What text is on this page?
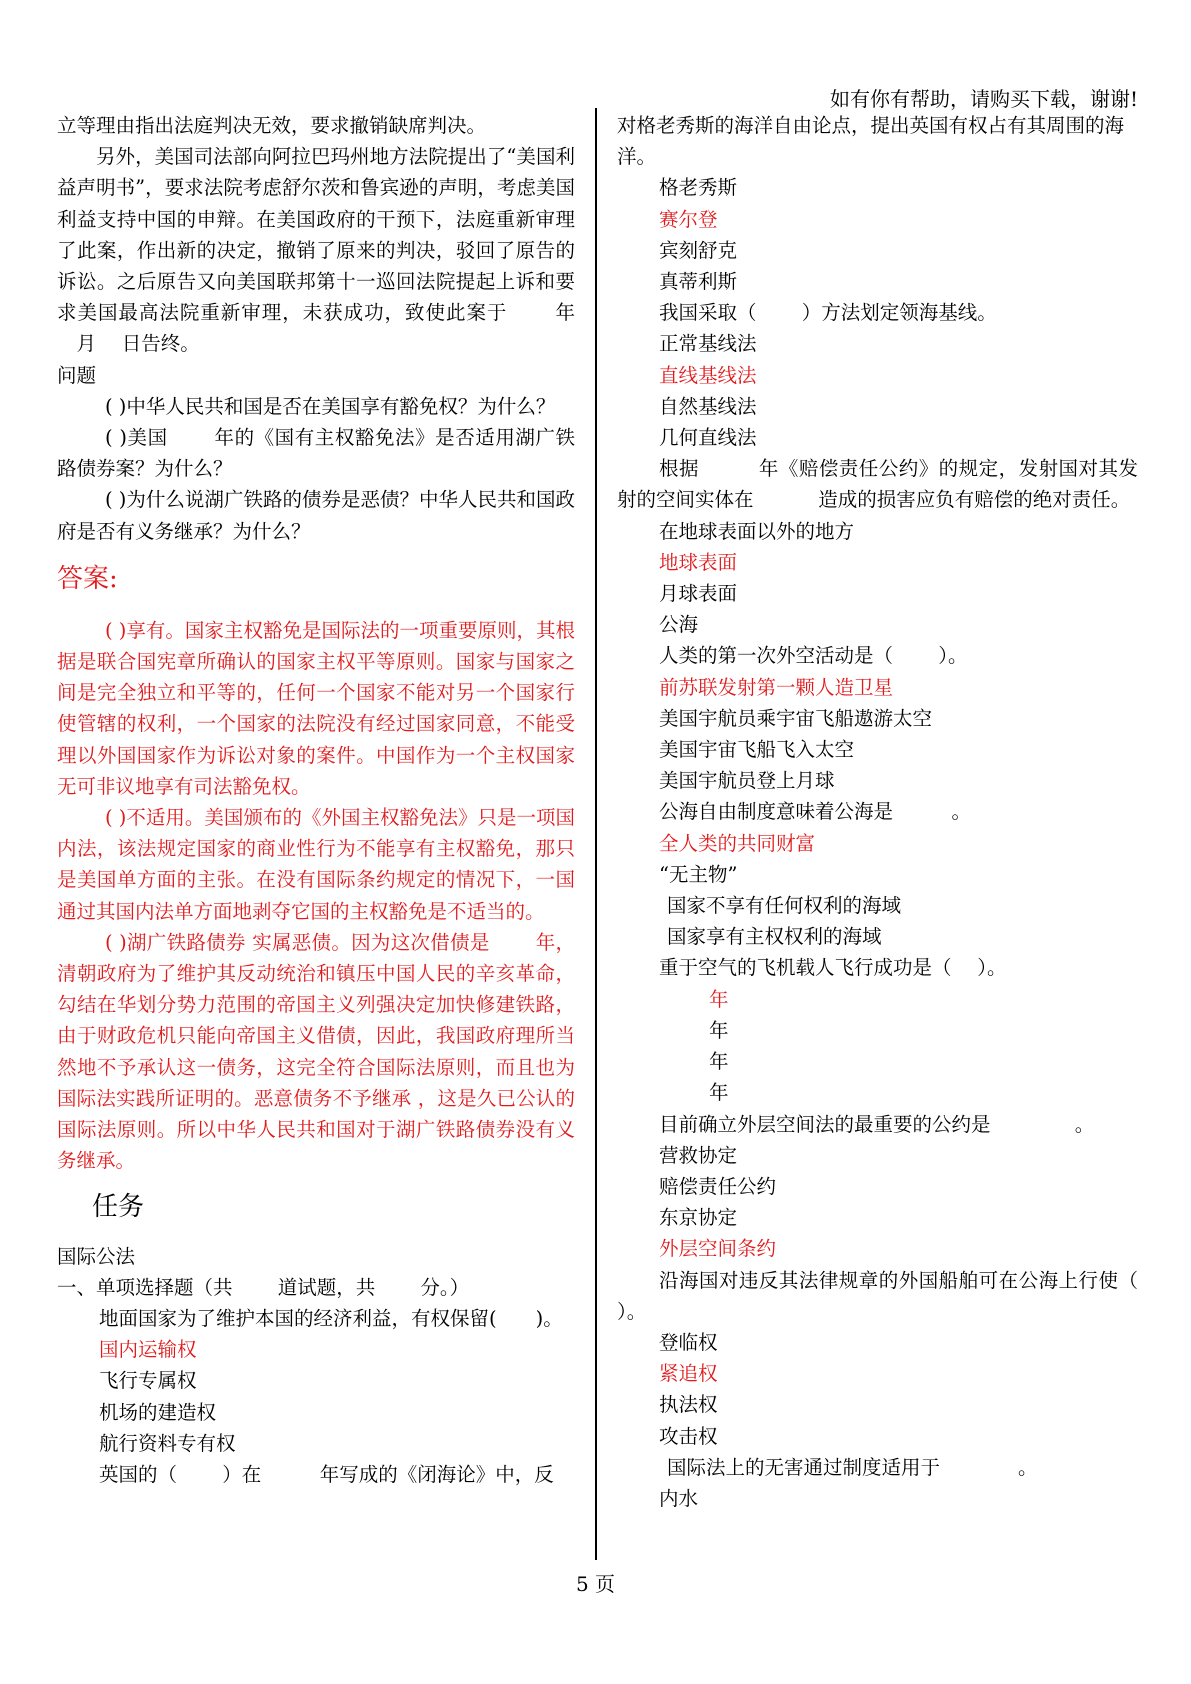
如有你有帮助，请购买下载，谢谢!

立等理由指出法庭判决无效，要求撤销缺席判决。

另外，美国司法部向阿拉巴玛州地方法院提出了“美国利益声明书”，要求法院考虑舒尔茨和鲁宾逊的声明，考虑美国利益支持中国的申辩。在美国政府的干预下，法庭重新审理了此案，作出新的决定，撤销了原来的判决，驳回了原告的诉讼。之后原告又向美国联邦第十一巡回法院提起上诉和要求美国最高法院重新审理，未获成功，致使此案于 　　年 　月 　日告终。

问题

( )中华人民共和国是否在美国享有豁免权？为什么？

( )美国 　　年的《国有主权豁免法》是否适用湖广铁路债券案？为什么？

( )为什么说湖广铁路的债券是恶债？中华人民共和国政府是否有义务继承？为什么？

答案:

( )享有。国家主权豁免是国际法的一项重要原则，其根据是联合国宪章所确认的国家主权平等原则。国家与国家之间是完全独立和平等的，任何一个国家不能对另一个国家行使管辖的权利，一个国家的法院没有经过国家同意，不能受理以外国国家作为诉讼对象的案件。中国作为一个主权国家无可非议地享有司法豁免权。

( )不适用。美国颁布的《外国主权豁免法》只是一项国内法，该法规定国家的商业性行为不能享有主权豁免，那只是美国单方面的主张。在没有国际条约规定的情况下，一国通过其国内法单方面地剥夺它国的主权豁免是不适当的。

( )湖广铁路债券 实属恶债。因为这次借债是 　　年，清朝政府为了维护其反动统治和镇压中国人民的辛亥革命，勾结在华划分势力范围的帝国主义列强决定加快修建铁路，由于财政危机只能向帝国主义借债，因此，我国政府理所当然地不予承认这一债务，这完全符合国际法原则，而且也为国际法实践所证明的。恶意债务不予继承 ，这是久已公认的国际法原则。所以中华人民共和国对于湖广铁路债券没有义务继承。

任务

国际公法

一、单项选择题（共 　　道试题，共 　　分。）

地面国家为了维护本国的经济利益，有权保留(　　)。

国内运输权

飞行专属权

机场的建造权

航行资料专有权

英国的（　　 ）在　　　年写成的《闭海论》中，反

对格老秀斯的海洋自由论点，提出英国有权占有其周围的海洋。

格老秀斯

赛尔登

宾刻舒克

真蒂利斯

我国采取（　　 ）方法划定领海基线。

正常基线法

直线基线法

自然基线法

几何直线法

根据　　　年《赔偿责任公约》的规定，发射国对其发射的空间实体在　　　 造成的损害应负有赔偿的绝对责任。

在地球表面以外的地方

地球表面

月球表面

公海

人类的第一次外空活动是（　　 ）。

前苏联发射第一颗人造卫星

美国宇航员乘宇宙飞船遨游太空

美国宇宙飞船飞入太空

美国宇航员登上月球

公海自由制度意味着公海是　　　。

全人类的共同财富

“无主物”

国家不享有任何权利的海域

国家享有主权权利的海域

重于空气的飞机载人飞行成功是（　 ）。

年

年

年

年

目前确立外层空间法的最重要的公约是　　　　 。

营救协定

赔偿责任公约

东京协定

外层空间条约

沿海国对违反其法律规章的外国船舶可在公海上行使（ ）。

登临权

紧追权

执法权

攻击权

国际法上的无害通过制度适用于　　　　。

内水

5 页
